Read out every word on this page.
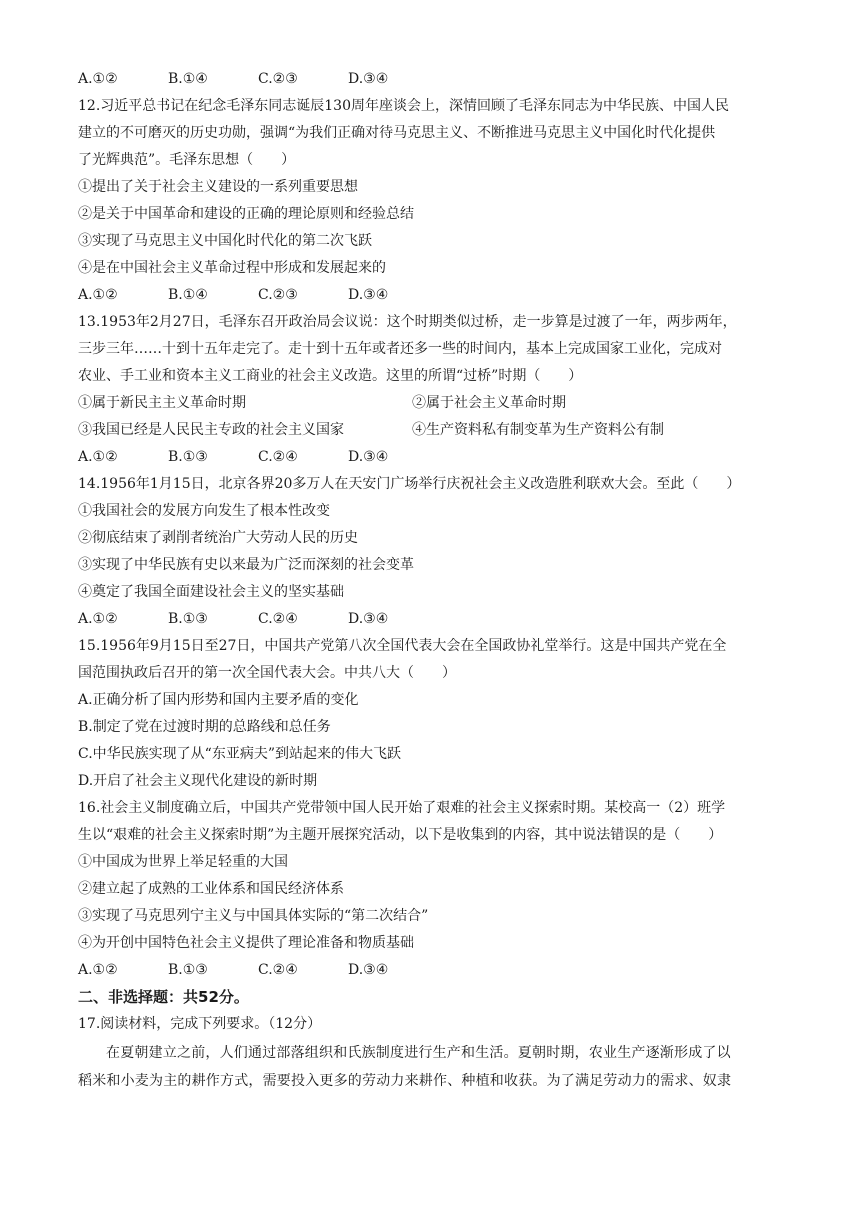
A.①②	B.①④	C.②③	D.③④
12.习近平总书记在纪念毛泽东同志诞辰130周年座谈会上，深情回顾了毛泽东同志为中华民族、中国人民
建立的不可磨灭的历史功勋，强调“为我们正确对待马克思主义、不断推进马克思主义中国化时代化提供
了光辉典范”。毛泽东思想（　　）
①提出了关于社会主义建设的一系列重要思想
②是关于中国革命和建设的正确的理论原则和经验总结
③实现了马克思主义中国化时代化的第二次飞跃
④是在中国社会主义革命过程中形成和发展起来的
A.①②	B.①④	C.②③	D.③④
13.1953年2月27日，毛泽东召开政治局会议说：这个时期类似过桥，走一步算是过渡了一年，两步两年，
三步三年……十到十五年走完了。走十到十五年或者还多一些的时间内，基本上完成国家工业化，完成对
农业、手工业和资本主义工商业的社会主义改造。这里的所谓“过桥”时期（　　）
①属于新民主主义革命时期	②属于社会主义革命时期
③我国已经是人民民主专政的社会主义国家	④生产资料私有制变革为生产资料公有制
A.①②	B.①③	C.②④	D.③④
14.1956年1月15日，北京各界20多万人在天安门广场举行庆祝社会主义改造胜利联欢大会。至此（　　）
①我国社会的发展方向发生了根本性改变
②彻底结束了剥削者统治广大劳动人民的历史
③实现了中华民族有史以来最为广泛而深刻的社会变革
④奠定了我国全面建设社会主义的坚实基础
A.①②	B.①③	C.②④	D.③④
15.1956年9月15日至27日，中国共产党第八次全国代表大会在全国政协礼堂举行。这是中国共产党在全
国范围执政后召开的第一次全国代表大会。中共八大（　　）
A.正确分析了国内形势和国内主要矛盾的变化
B.制定了党在过渡时期的总路线和总任务
C.中华民族实现了从“东亚病夫”到站起来的伟大飞跃
D.开启了社会主义现代化建设的新时期
16.社会主义制度确立后，中国共产党带领中国人民开始了艰难的社会主义探索时期。某校高一（2）班学
生以“艰难的社会主义探索时期”为主题开展探究活动，以下是收集到的内容，其中说法错误的是（　　）
①中国成为世界上举足轻重的大国
②建立起了成熟的工业体系和国民经济体系
③实现了马克思列宁主义与中国具体实际的“第二次结合”
④为开创中国特色社会主义提供了理论准备和物质基础
A.①②	B.①③	C.②④	D.③④
二、非选择题：共52分。
17.阅读材料，完成下列要求。（12分）
在夏朝建立之前，人们通过部落组织和氏族制度进行生产和生活。夏朝时期，农业生产逐渐形成了以
稻米和小麦为主的耕作方式，需要投入更多的劳动力来耕作、种植和收获。为了满足劳动力的需求、奴隶
